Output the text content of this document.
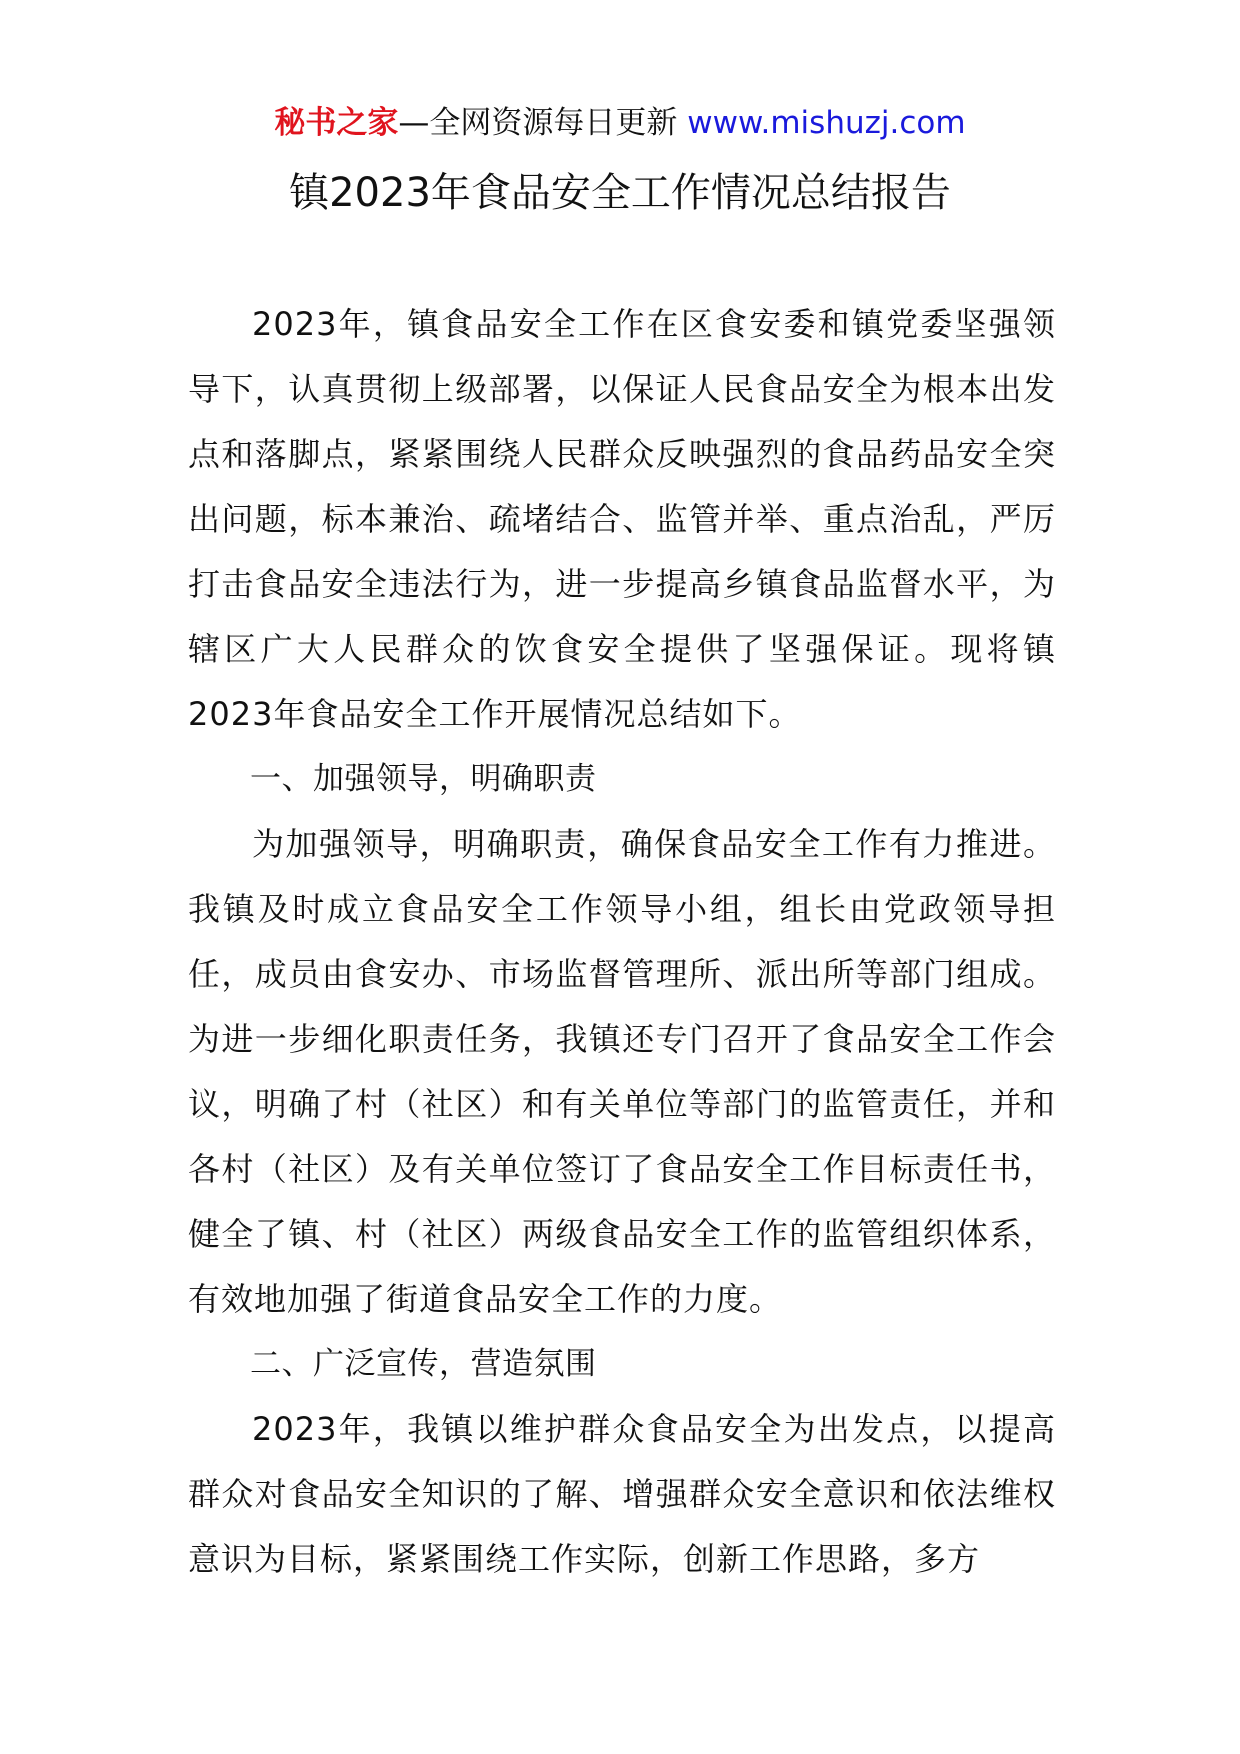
秘书之家—全网资源每日更新 www.mishuzj.com
镇2023年食品安全工作情况总结报告

2023年，镇食品安全工作在区食安委和镇党委坚强领导下，认真贯彻上级部署，以保证人民食品安全为根本出发点和落脚点，紧紧围绕人民群众反映强烈的食品药品安全突出问题，标本兼治、疏堵结合、监管并举、重点治乱，严厉打击食品安全违法行为，进一步提高乡镇食品监督水平，为辖区广大人民群众的饮食安全提供了坚强保证。现将镇2023年食品安全工作开展情况总结如下。

一、加强领导，明确职责

为加强领导，明确职责，确保食品安全工作有力推进。我镇及时成立食品安全工作领导小组，组长由党政领导担任，成员由食安办、市场监督管理所、派出所等部门组成。为进一步细化职责任务，我镇还专门召开了食品安全工作会议，明确了村（社区）和有关单位等部门的监管责任，并和各村（社区）及有关单位签订了食品安全工作目标责任书，健全了镇、村（社区）两级食品安全工作的监管组织体系，有效地加强了街道食品安全工作的力度。

二、广泛宣传，营造氛围

2023年，我镇以维护群众食品安全为出发点，以提高群众对食品安全知识的了解、增强群众安全意识和依法维权意识为目标，紧紧围绕工作实际，创新工作思路，多方
